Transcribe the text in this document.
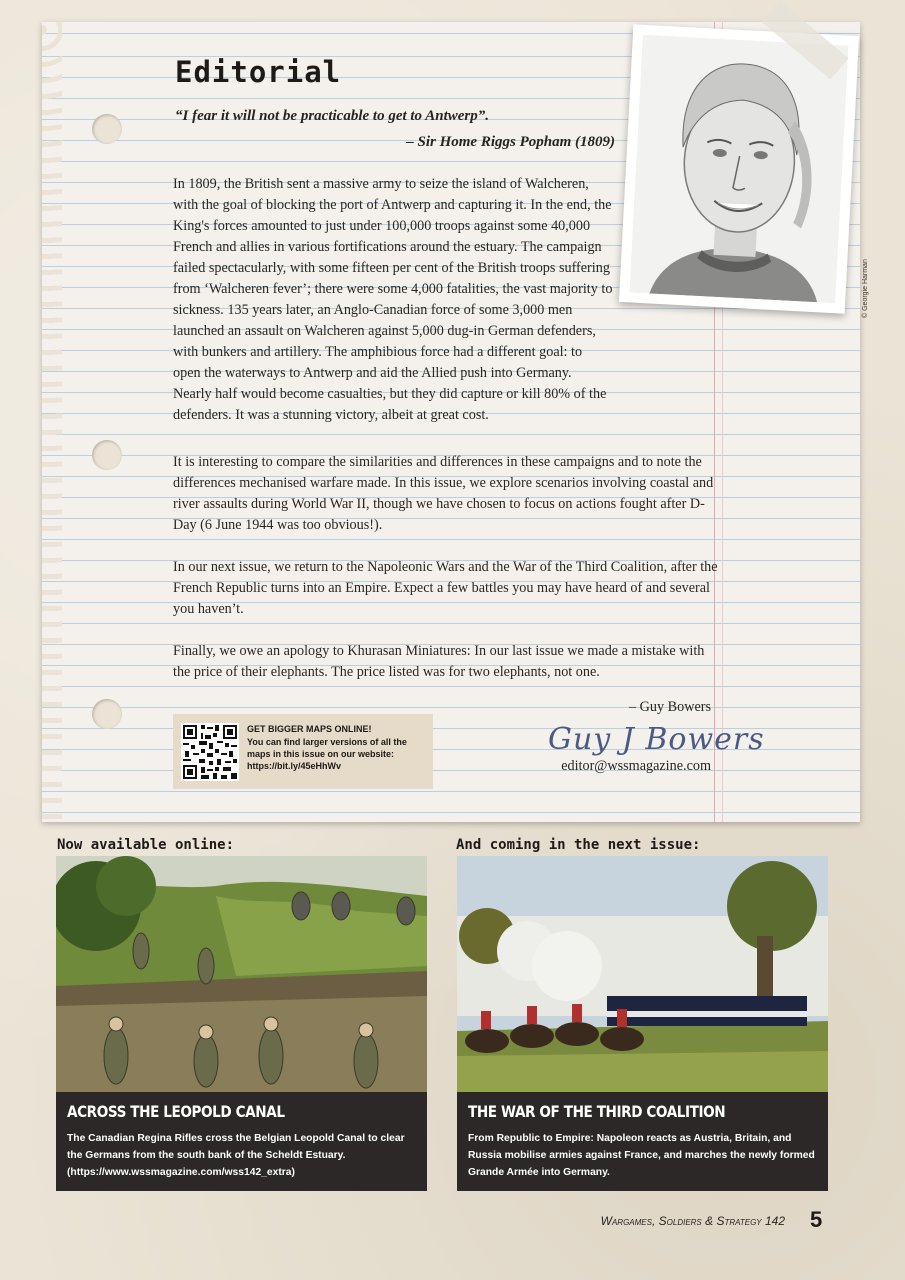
Editorial
“I fear it will not be practicable to get to Antwerp”.
– Sir Home Riggs Popham (1809)

In 1809, the British sent a massive army to seize the island of Walcheren, with the goal of blocking the port of Antwerp and capturing it. In the end, the King's forces amounted to just under 100,000 troops against some 40,000 French and allies in various fortifications around the estuary. The campaign failed spectacularly, with some fifteen per cent of the British troops suffering from ‘Walcheren fever’; there were some 4,000 fatalities, the vast majority to sickness. 135 years later, an Anglo-Canadian force of some 3,000 men launched an assault on Walcheren against 5,000 dug-in German defenders, with bunkers and artillery. The amphibious force had a different goal: to open the waterways to Antwerp and aid the Allied push into Germany. Nearly half would become casualties, but they did capture or kill 80% of the defenders. It was a stunning victory, albeit at great cost.

It is interesting to compare the similarities and differences in these campaigns and to note the differences mechanised warfare made. In this issue, we explore scenarios involving coastal and river assaults during World War II, though we have chosen to focus on actions fought after D-Day (6 June 1944 was too obvious!).

In our next issue, we return to the Napoleonic Wars and the War of the Third Coalition, after the French Republic turns into an Empire. Expect a few battles you may have heard of and several you haven’t.

Finally, we owe an apology to Khurasan Miniatures: In our last issue we made a mistake with the price of their elephants. The price listed was for two elephants, not one.

– Guy Bowers
Guy J Bowers
editor@wssmagazine.com
GET BIGGER MAPS ONLINE!
You can find larger versions of all the maps in this issue on our website: https://bit.ly/45eHhWv
© Georgie Harman
Now available online:
ACROSS THE LEOPOLD CANAL
The Canadian Regina Rifles cross the Belgian Leopold Canal to clear the Germans from the south bank of the Scheldt Estuary. (https://www.wssmagazine.com/wss142_extra)
And coming in the next issue:
THE WAR OF THE THIRD COALITION
From Republic to Empire: Napoleon reacts as Austria, Britain, and Russia mobilise armies against France, and marches the newly formed Grande Armée into Germany.
Wargames, Soldiers & Strategy 142 5
